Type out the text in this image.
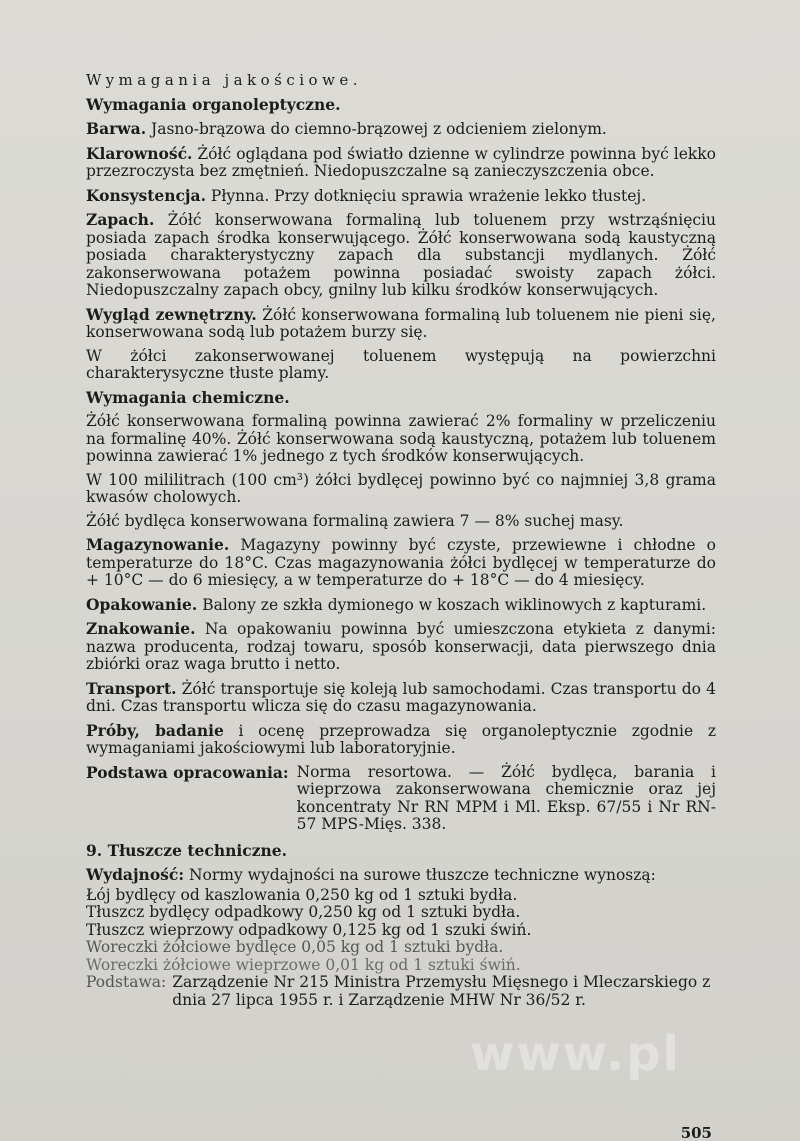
Wymagania jakościowe.
Wymagania organoleptyczne.

Barwa. Jasno-brązowa do ciemno-brązowej z odcieniem zielonym.

Klarowność. Żółć oglądana pod światło dzienne w cylindrze powinna być lekko przezroczysta bez zmętnień. Niedopuszczalne są zanieczyszczenia obce.

Konsystencja. Płynna. Przy dotknięciu sprawia wrażenie lekko tłustej.

Zapach. Żółć konserwowana formaliną lub toluenem przy wstrząśnięciu posiada zapach środka konserwującego. Żółć konserwowana sodą kaustyczną posiada charakterystyczny zapach dla substancji mydlanych. Żółć zakonserwowana potażem powinna posiadać swoisty zapach żółci. Niedopuszczalny zapach obcy, gnilny lub kilku środków konserwujących.

Wygląd zewnętrzny. Żółć konserwowana formaliną lub toluenem nie pieni się, konserwowana sodą lub potażem burzy się.

W żółci zakonserwowanej toluenem występują na powierzchni charakterysyczne tłuste plamy.

Wymagania chemiczne.

Żółć konserwowana formaliną powinna zawierać 2% formaliny w przeliczeniu na formalinę 40%. Żółć konserwowana sodą kaustyczną, potażem lub toluenem powinna zawierać 1% jednego z tych środków konserwujących.

W 100 mililitrach (100 cm³) żółci bydlęcej powinno być co najmniej 3,8 grama kwasów cholowych.

Żółć bydlęca konserwowana formaliną zawiera 7 — 8% suchej masy.

Magazynowanie. Magazyny powinny być czyste, przewiewne i chłodne o temperaturze do 18°C. Czas magazynowania żółci bydlęcej w temperaturze do + 10°C — do 6 miesięcy, a w temperaturze do + 18°C — do 4 miesięcy.

Opakowanie. Balony ze szkła dymionego w koszach wiklinowych z kapturami.

Znakowanie. Na opakowaniu powinna być umieszczona etykieta z danymi: nazwa producenta, rodzaj towaru, sposób konserwacji, data pierwszego dnia zbiórki oraz waga brutto i netto.

Transport. Żółć transportuje się koleją lub samochodami. Czas transportu do 4 dni. Czas transportu wlicza się do czasu magazynowania.

Próby, badanie i ocenę przeprowadza się organoleptycznie zgodnie z wymaganiami jakościowymi lub laboratoryjnie.

Podstawa opracowania: Norma resortowa. — Żółć bydlęca, barania i wieprzowa zakonserwowana chemicznie oraz jej koncentraty Nr RN MPM i Ml. Eksp. 67/55 i Nr RN-57 MPS-Mięs. 338.
9. Tłuszcze techniczne.

Wydajność: Normy wydajności na surowe tłuszcze techniczne wynoszą:

Łój bydlęcy od kaszlowania 0,250 kg od 1 sztuki bydła.
Tłuszcz bydlęcy odpadkowy 0,250 kg od 1 sztuki bydła.
Tłuszcz wieprzowy odpadkowy 0,125 kg od 1 szuki świń.
Woreczki żółciowe bydlęce 0,05 kg od 1 sztuki bydła.
Woreczki żółciowe wieprzowe 0,01 kg od 1 sztuki świń.
Podstawa: Zarządzenie Nr 215 Ministra Przemysłu Mięsnego i Mleczarskiego z dnia 27 lipca 1955 r. i Zarządzenie MHW Nr 36/52 r.
www.pl
505
